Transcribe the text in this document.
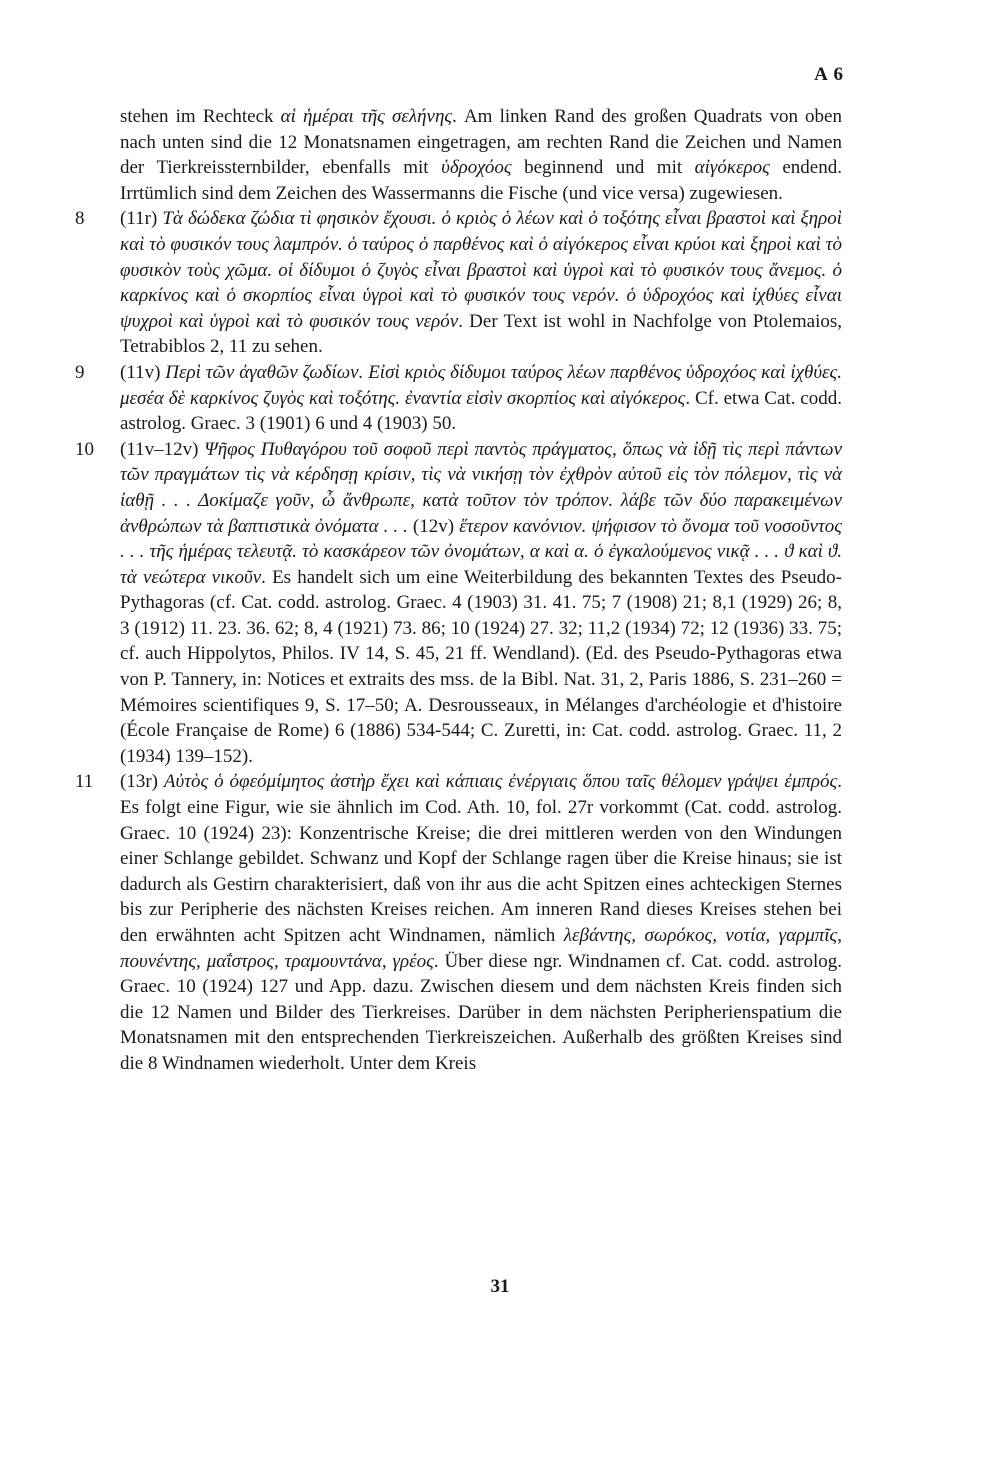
A 6

stehen im Rechteck αἱ ἡμέραι τῆς σελήνης. Am linken Rand des großen Quadrats von oben nach unten sind die 12 Monatsnamen eingetragen, am rechten Rand die Zeichen und Namen der Tierkreissternbilder, ebenfalls mit ὑδροχόος beginnend und mit αἰγόκερος endend. Irrtümlich sind dem Zeichen des Wassermanns die Fische (und vice versa) zugewiesen.

8	(11r) Τὰ δώδεκα ζώδια τὶ φησικὸν ἔχουσι. ὁ κριὸς ὁ λέων καὶ ὁ τοξότης εἶναι βραστοὶ καὶ ξηροὶ καὶ τὸ φυσικόν τους λαμπρόν. ὁ ταύρος ὁ παρθένος καὶ ὁ αἰγόκερος εἶναι κρύοι καὶ ξηροὶ καὶ τὸ φυσικὸν τοὺς χῶμα. οἱ δίδυμοι ὁ ζυγὸς εἶναι βραστοὶ καὶ ὑγροὶ καὶ τὸ φυσικόν τους ἄνεμος. ὁ καρκίνος καὶ ὁ σκορπίος εἶναι ὑγροὶ καὶ τὸ φυσικόν τους νερόν. ὁ ὑδροχόος καὶ ἰχθύες εἶναι ψυχροὶ καὶ ὑγροὶ καὶ τὸ φυσικόν τους νερόν. Der Text ist wohl in Nachfolge von Ptolemaios, Tetrabiblos 2, 11 zu sehen.

9	(11v) Περὶ τῶν ἀγαθῶν ζωδίων. Εἰσὶ κριὸς δίδυμοι ταύρος λέων παρθένος ὑδροχόος καὶ ἰχθύες. μεσέα δὲ καρκίνος ζυγὸς καὶ τοξότης. ἐναντία εἰσὶν σκορπίος καὶ αἰγόκερος. Cf. etwa Cat. codd. astrolog. Graec. 3 (1901) 6 und 4 (1903) 50.

10	(11v–12v) Ψῆφος Πυθαγόρου τοῦ σοφοῦ περὶ παντὸς πράγματος, ὅπως νὰ ἰδῇ τὶς περὶ πάντων τῶν πραγμάτων τὶς νὰ κέρδησῃ κρίσιν, τὶς νὰ νικήσῃ τὸν ἐχθρὸν αὐτοῦ εἰς τὸν πόλεμον, τὶς νὰ ἰαθῇ . . . Δοκίμαζε γοῦν, ὦ ἄνθρωπε, κατὰ τοῦτον τὸν τρόπον. λάβε τῶν δύο παρακειμένων ἀνθρώπων τὰ βαπτιστικὰ ὀνόματα . . . (12v) ἕτερον κανόνιον. ψήφισον τὸ ὄνομα τοῦ νοσοῦντος . . . τῆς ἡμέρας τελευτᾷ. τὸ κασκάρεον τῶν ὀνομάτων, α καὶ α. ὁ ἐγκαλούμενος νικᾷ . . . ϑ καὶ ϑ. τὰ νεώτερα νικοῦν. Es handelt sich um eine Weiterbildung des bekannten Textes des Pseudo-Pythagoras (cf. Cat. codd. astrolog. Graec. 4 (1903) 31. 41. 75; 7 (1908) 21; 8,1 (1929) 26; 8, 3 (1912) 11. 23. 36. 62; 8, 4 (1921) 73. 86; 10 (1924) 27. 32; 11,2 (1934) 72; 12 (1936) 33. 75; cf. auch Hippolytos, Philos. IV 14, S. 45, 21 ff. Wendland). (Ed. des Pseudo-Pythagoras etwa von P. Tannery, in: Notices et extraits des mss. de la Bibl. Nat. 31, 2, Paris 1886, S. 231–260 = Mémoires scientifiques 9, S. 17–50; A. Desrousseaux, in Mélanges d'archéologie et d'histoire (École Française de Rome) 6 (1886) 534-544; C. Zuretti, in: Cat. codd. astrolog. Graec. 11, 2 (1934) 139–152).

11	(13r) Αὐτὸς ὁ ὀφεόμίμητος ἀστὴρ ἔχει καὶ κάπιαις ἐνέργιαις ὅπου ταῖς θέλομεν γράψει ἐμπρός. Es folgt eine Figur, wie sie ähnlich im Cod. Ath. 10, fol. 27r vorkommt (Cat. codd. astrolog. Graec. 10 (1924) 23): Konzentrische Kreise; die drei mittleren werden von den Windungen einer Schlange gebildet. Schwanz und Kopf der Schlange ragen über die Kreise hinaus; sie ist dadurch als Gestirn charakterisiert, daß von ihr aus die acht Spitzen eines achteckigen Sternes bis zur Peripherie des nächsten Kreises reichen. Am inneren Rand dieses Kreises stehen bei den erwähnten acht Spitzen acht Windnamen, nämlich λεβάντης, σωρόκος, νοτία, γαρμπῖς, πουνέντης, μαΐστρος, τραμουντάνα, γρέος. Über diese ngr. Windnamen cf. Cat. codd. astrolog. Graec. 10 (1924) 127 und App. dazu. Zwischen diesem und dem nächsten Kreis finden sich die 12 Namen und Bilder des Tierkreises. Darüber in dem nächsten Peripherienspatium die Monatsnamen mit den entsprechenden Tierkreiszeichen. Außerhalb des größten Kreises sind die 8 Windnamen wiederholt. Unter dem Kreis

31
